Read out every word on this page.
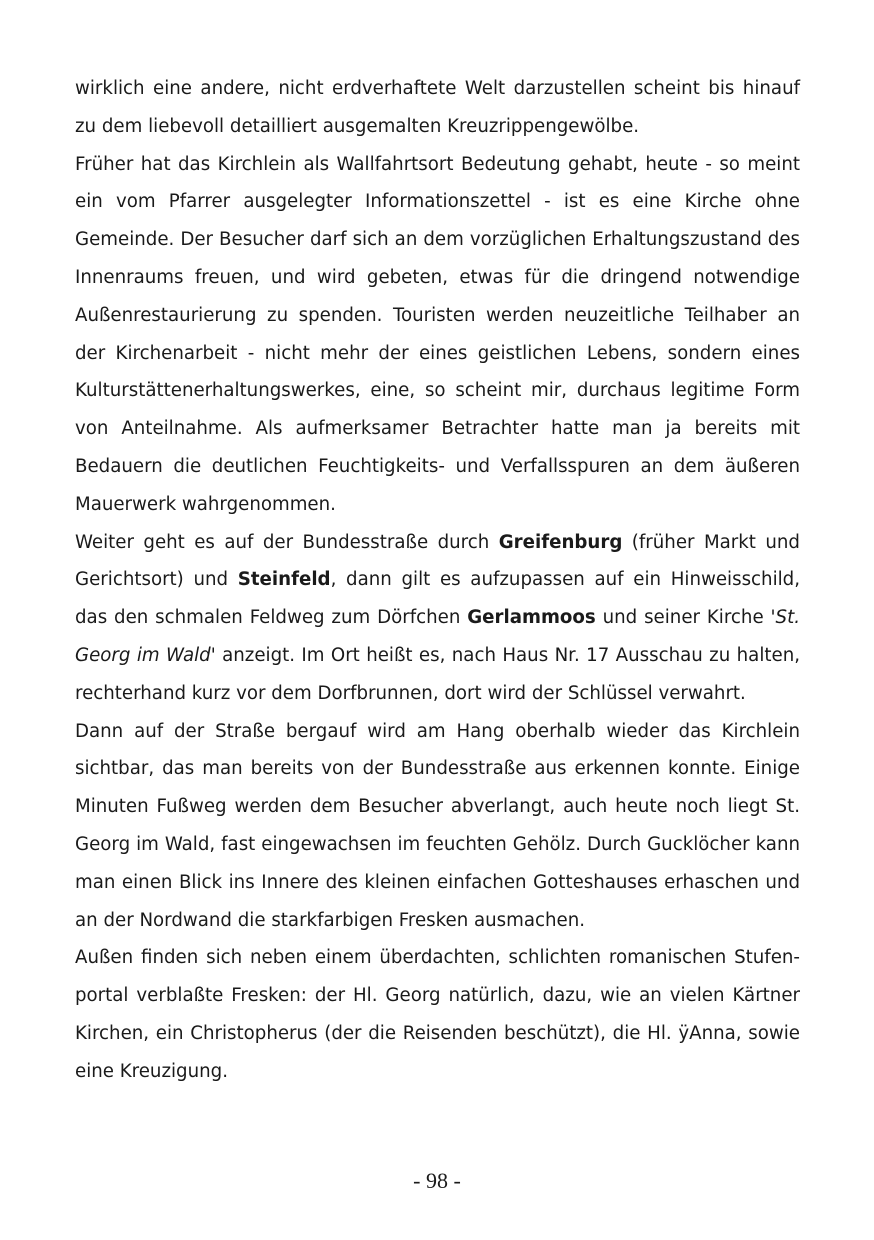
wirklich eine andere, nicht erdverhaftete Welt darzustellen scheint bis hinauf zu dem liebevoll detailliert ausgemalten Kreuzrippengewölbe.

Früher hat das Kirchlein als Wallfahrtsort Bedeutung gehabt, heute - so meint ein vom Pfarrer ausgelegter Informationszettel - ist es eine Kirche ohne Gemeinde. Der Besucher darf sich an dem vorzüglichen Erhaltungszustand des Innenraums freuen, und wird gebeten, etwas für die dringend notwendige Außenrestaurierung zu spenden. Touristen werden neuzeitliche Teilhaber an der Kirchenarbeit - nicht mehr der eines geistlichen Lebens, sondern eines Kulturstättenerhaltungswerkes, eine, so scheint mir, durchaus legitime Form von Anteilnahme. Als aufmerksamer Betrachter hatte man ja bereits mit Bedauern die deutlichen Feuchtigkeits- und Verfallsspuren an dem äußeren Mauerwerk wahrgenommen.

Weiter geht es auf der Bundesstraße durch Greifenburg (früher Markt und Gerichtsort) und Steinfeld, dann gilt es aufzupassen auf ein Hinweisschild, das den schmalen Feldweg zum Dörfchen Gerlammoos und seiner Kirche 'St. Georg im Wald' anzeigt. Im Ort heißt es, nach Haus Nr. 17 Ausschau zu halten, rechterhand kurz vor dem Dorfbrunnen, dort wird der Schlüssel verwahrt.

Dann auf der Straße bergauf wird am Hang oberhalb wieder das Kirchlein sichtbar, das man bereits von der Bundesstraße aus erkennen konnte. Einige Minuten Fußweg werden dem Besucher abverlangt, auch heute noch liegt St. Georg im Wald, fast eingewachsen im feuchten Gehölz. Durch Gucklöcher kann man einen Blick ins Innere des kleinen einfachen Gotteshauses erhaschen und an der Nordwand die starkfarbigen Fresken ausmachen.

Außen finden sich neben einem überdachten, schlichten romanischen Stufen-portal verblaßte Fresken: der Hl. Georg natürlich, dazu, wie an vielen Kärtner Kirchen, ein Christopherus (der die Reisenden beschützt), die Hl. ÿAnna, sowie eine Kreuzigung.

- 98 -
